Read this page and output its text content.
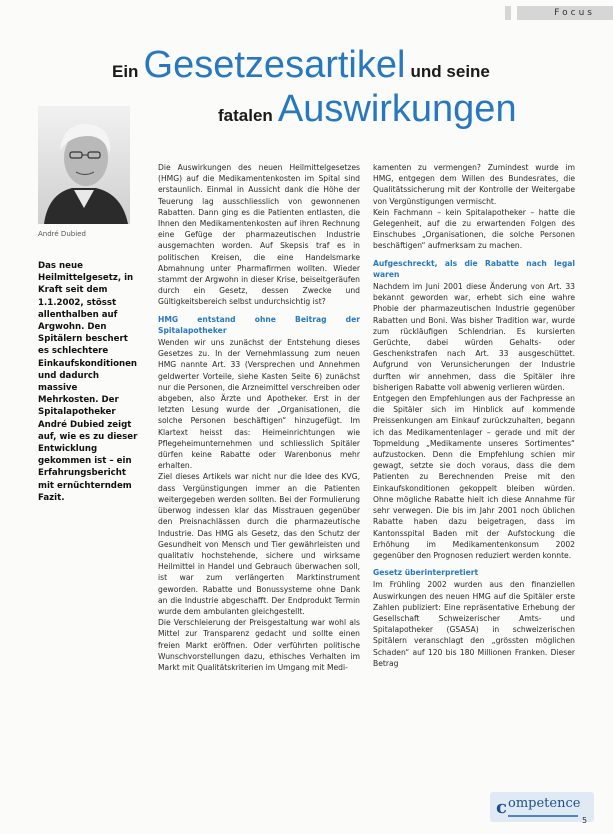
Focus
Ein Gesetzesartikel und seine
fatalen Auswirkungen
André Dubied
Das neue Heilmittelgesetz, in Kraft seit dem 1.1.2002, stösst allenthalben auf Argwohn. Den Spitälern beschert es schlechtere Einkaufskonditionen und dadurch massive Mehrkosten. Der Spitalapotheker André Dubied zeigt auf, wie es zu dieser Entwicklung gekommen ist – ein Erfahrungsbericht mit ernüchterndem Fazit.

Die Auswirkungen des neuen Heilmittelgesetzes (HMG) auf die Medikamentenkosten im Spital sind erstaunlich. Einmal in Aussicht dank die Höhe der Teuerung lag ausschliesslich von gewonnenen Rabatten. Dann ging es die Patienten entlasten, die Ihnen den Medikamentenkosten auf ihren Rechnung eine Gefüge der pharmazeutischen Industrie ausgemachten worden. Auf Skepsis traf es in politischen Kreisen, die eine Handelsmarke Abmahnung unter Pharmafirmen wollten. Wieder stammt der Argwohn in dieser Krise, beiseitgeräufen durch ein Gesetz, dessen Zwecke und Gültigkeitsbereich selbst undurchsichtig ist?

HMG entstand ohne Beitrag der Spitalapotheker

Wenden wir uns zunächst der Entstehung dieses Gesetzes zu. In der Vernehmlassung zum neuen HMG nannte Art. 33 (Versprechen und Annehmen geldwerter Vorteile, siehe Kasten Seite 6) zunächst nur die Personen, die Arzneimittel verschreiben oder abgeben, also Ärzte und Apotheker. Erst in der letzten Lesung wurde der „Organisationen, die solche Personen beschäftigen“ hinzugefügt. Im Klartext heisst das: Heimeinrichtungen wie Pflegeheimunternehmen und schliesslich Spitäler dürfen keine Rabatte oder Warenbonus mehr erhalten.

Ziel dieses Artikels war nicht nur die Idee des KVG, dass Vergünstigungen immer an die Patienten weitergegeben werden sollten. Bei der Formulierung überwog indessen klar das Misstrauen gegenüber den Preisnachlässen durch die pharmazeutische Industrie. Das HMG als Gesetz, das den Schutz der Gesundheit von Mensch und Tier gewährleisten und qualitativ hochstehende, sichere und wirksame Heilmittel in Handel und Gebrauch überwachen soll, ist war zum verlängerten Marktinstrument geworden. Rabatte und Bonussysteme ohne Dank an die Industrie abgeschafft. Der Endprodukt Termin wurde dem ambulanten gleichgestellt.

Die Verschleierung der Preisgestaltung war wohl als Mittel zur Transparenz gedacht und sollte einen freien Markt eröffnen. Oder verführten politische Wunschvorstellungen dazu, ethisches Verhalten im Markt mit Qualitätskriterien im Umgang mit Medi-

kamenten zu vermengen? Zumindest wurde im HMG, entgegen dem Willen des Bundesrates, die Qualitätssicherung mit der Kontrolle der Weitergabe von Vergünstigungen vermischt.

Kein Fachmann – kein Spitalapotheker – hatte die Gelegenheit, auf die zu erwartenden Folgen des Einschubes „Organisationen, die solche Personen beschäftigen“ aufmerksam zu machen.

Aufgeschreckt, als die Rabatte nach legal waren

Nachdem im Juni 2001 diese Änderung von Art. 33 bekannt geworden war, erhebt sich eine wahre Phobie der pharmazeutischen Industrie gegenüber Rabatten und Boni. Was bisher Tradition war, wurde zum rückläufigen Schlendrian. Es kursierten Gerüchte, dabei würden Gehalts- oder Geschenkstrafen nach Art. 33 ausgeschüttet. Aufgrund von Verunsicherungen der Industrie durften wir annehmen, dass die Spitäler ihre bisherigen Rabatte voll abwenig verlieren würden.

Entgegen den Empfehlungen aus der Fachpresse an die Spitäler sich im Hinblick auf kommende Preissenkungen am Einkauf zurückzuhalten, begann ich das Medikamentenlager – gerade und mit der Topmeldung „Medikamente unseres Sortimentes“ aufzustocken. Denn die Empfehlung schien mir gewagt, setzte sie doch voraus, dass die dem Patienten zu Berechnenden Preise mit den Einkaufskonditionen gekoppelt bleiben würden. Ohne mögliche Rabatte hielt ich diese Annahme für sehr verwegen. Die bis im Jahr 2001 noch üblichen Rabatte haben dazu beigetragen, dass im Kantonsspital Baden mit der Aufstockung die Erhöhung im Medikamentenkonsum 2002 gegenüber den Prognosen reduziert werden konnte.

Gesetz überinterpretiert

Im Frühling 2002 wurden aus den finanziellen Auswirkungen des neuen HMG auf die Spitäler erste Zahlen publiziert: Eine repräsentative Erhebung der Gesellschaft Schweizerischer Amts- und Spitalapotheker (GSASA) in schweizerischen Spitälern veranschlagt den „grössten möglichen Schaden“ auf 120 bis 180 Millionen Franken. Dieser Betrag

c ompetence
5
